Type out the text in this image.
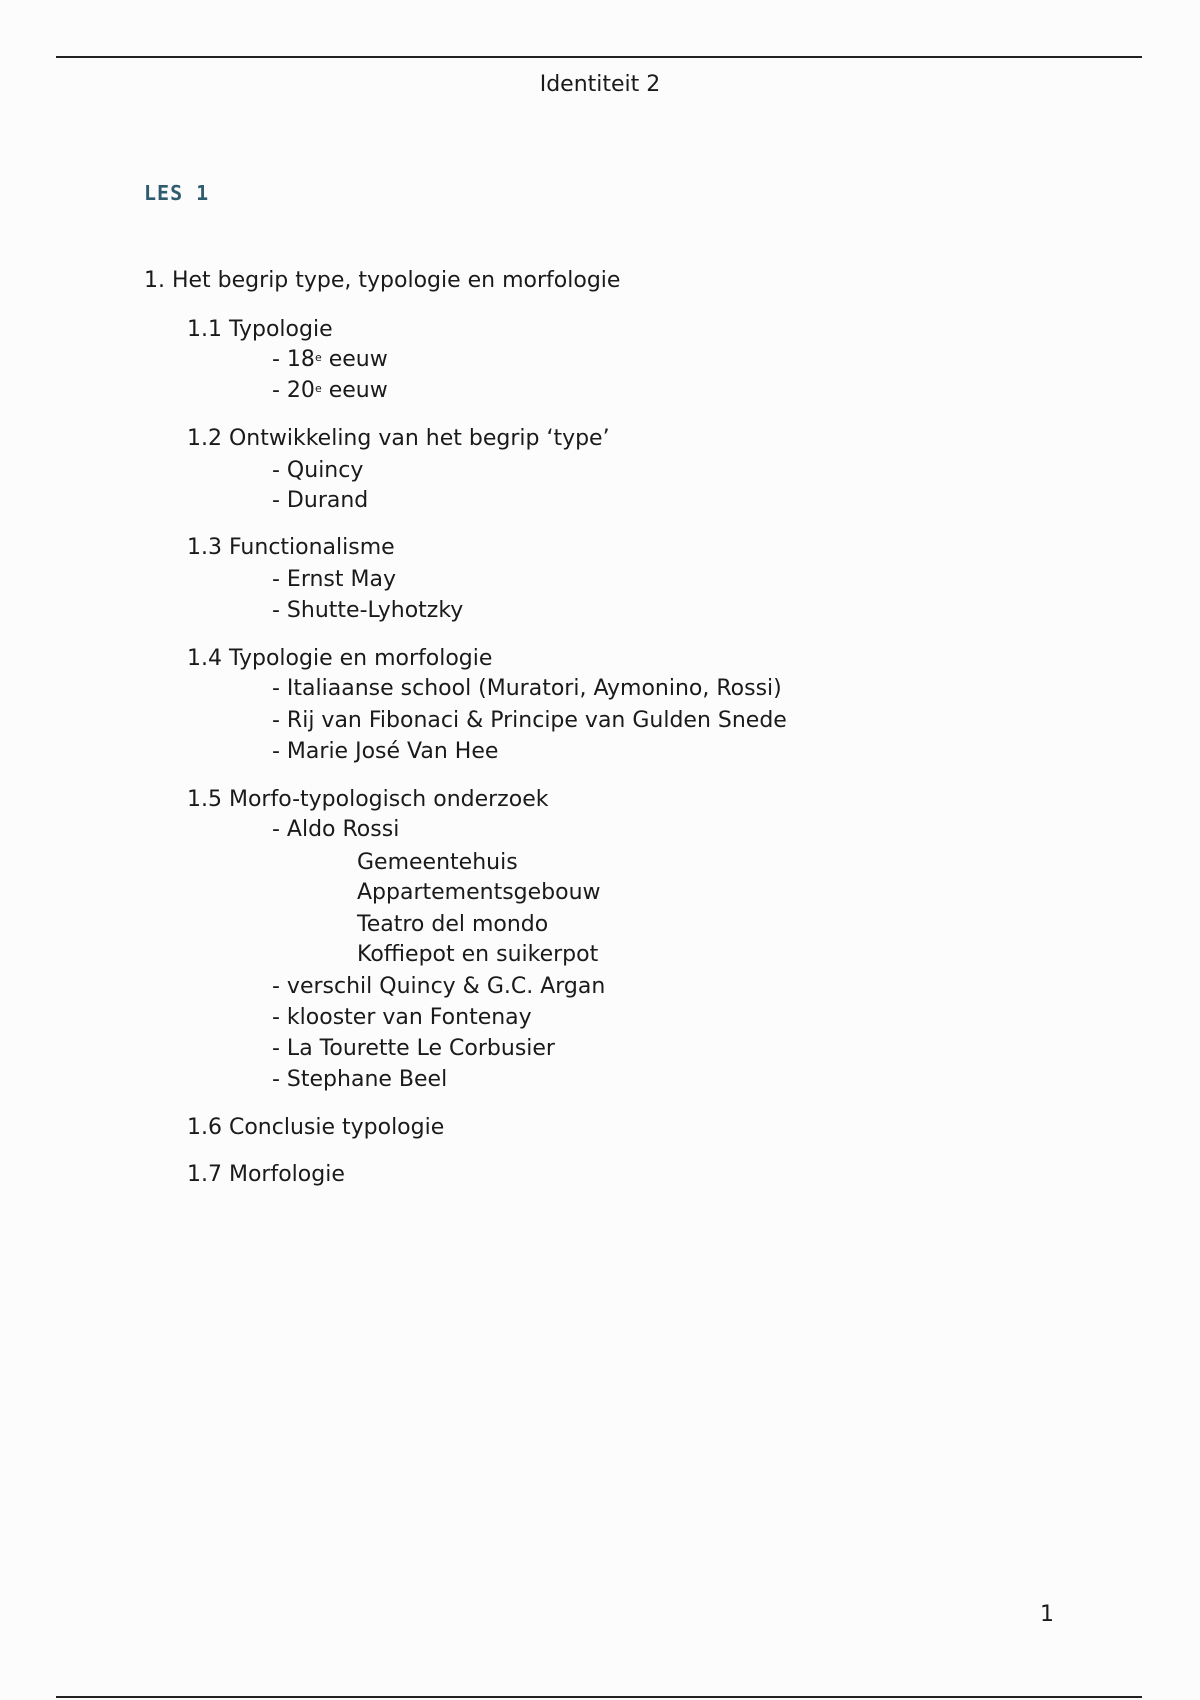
Identiteit 2
LES 1
1. Het begrip type, typologie en morfologie
1.1 Typologie
- 18e eeuw
- 20e eeuw
1.2 Ontwikkeling van het begrip ‘type’
- Quincy
- Durand
1.3 Functionalisme
- Ernst May
- Shutte-Lyhotzky
1.4 Typologie en morfologie
- Italiaanse school (Muratori, Aymonino, Rossi)
- Rij van Fibonaci & Principe van Gulden Snede
- Marie José Van Hee
1.5 Morfo-typologisch onderzoek
- Aldo Rossi
Gemeentehuis
Appartementsgebouw
Teatro del mondo
Koffiepot en suikerpot
- verschil Quincy & G.C. Argan
- klooster van Fontenay
- La Tourette Le Corbusier
- Stephane Beel
1.6 Conclusie typologie
1.7 Morfologie
1
